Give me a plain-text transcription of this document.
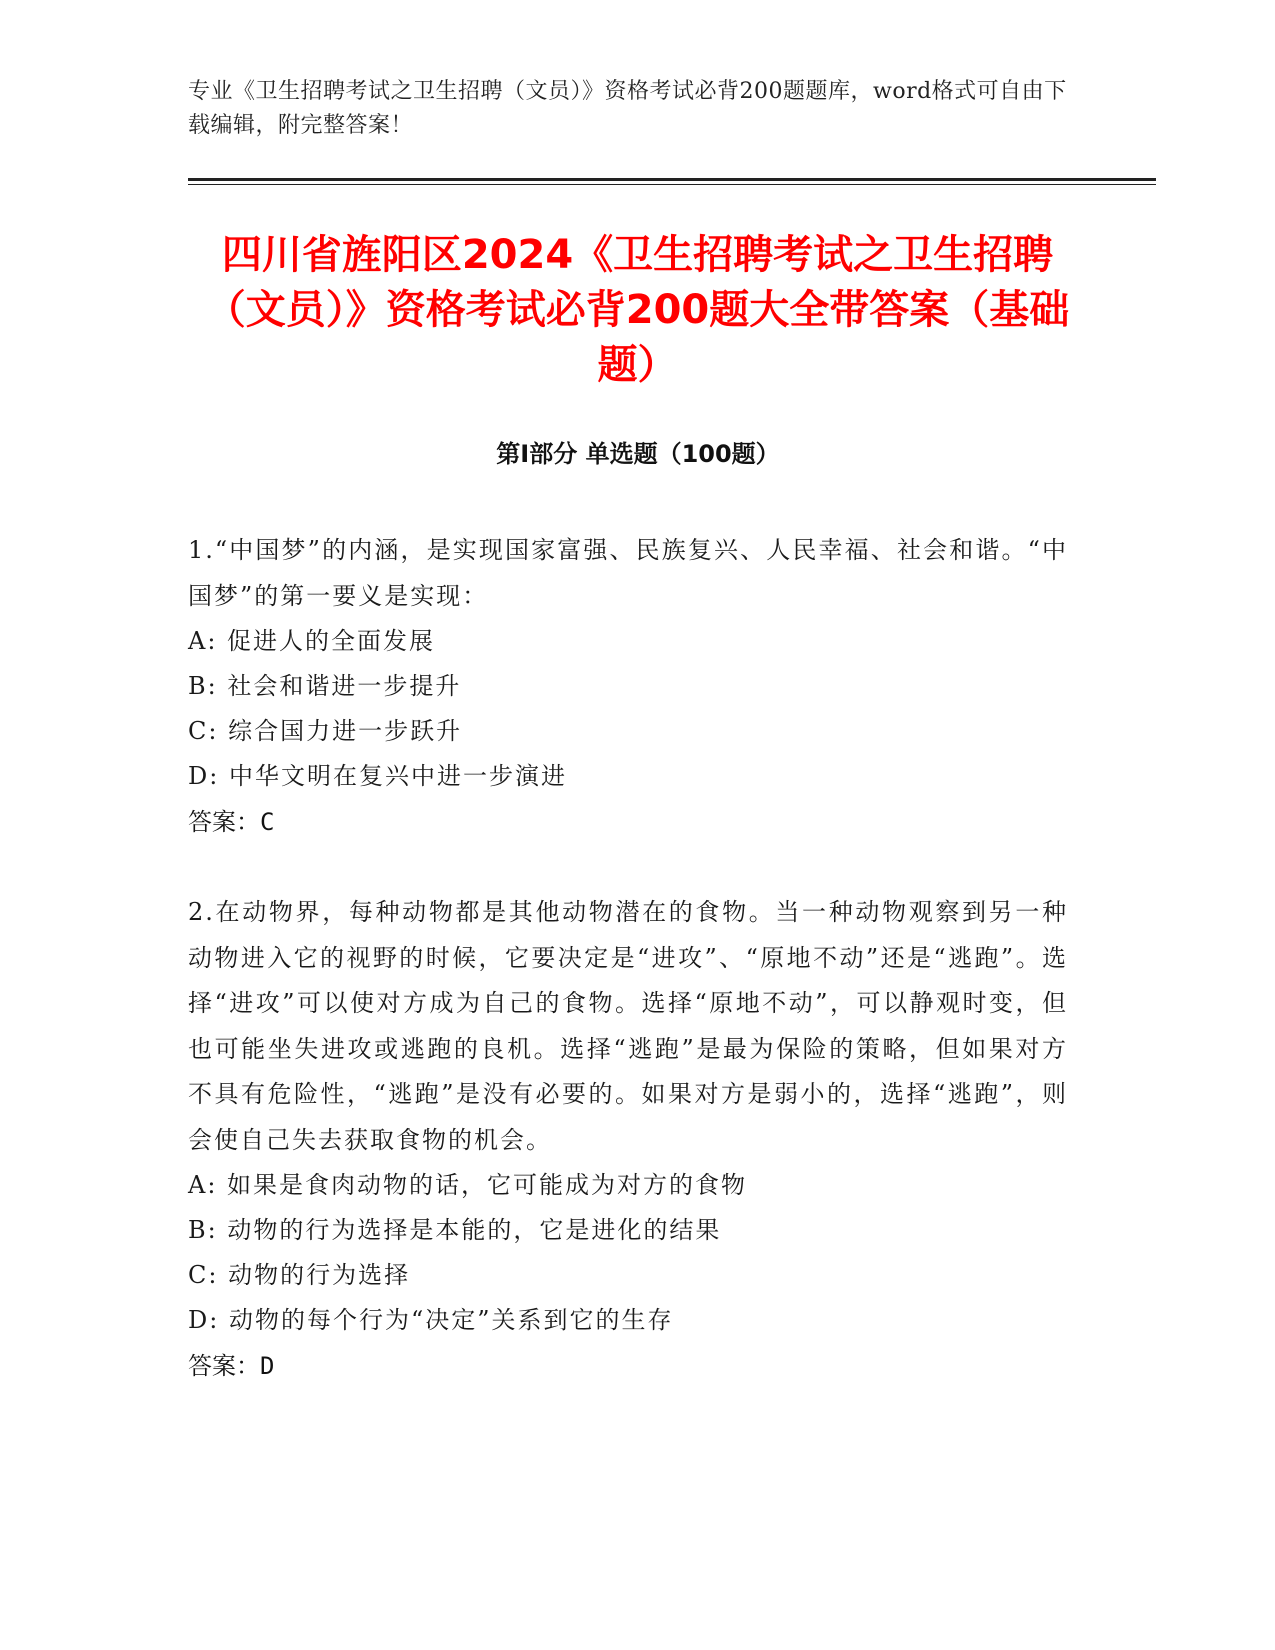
专业《卫生招聘考试之卫生招聘（文员）》资格考试必背200题题库，word格式可自由下载编辑，附完整答案！
四川省旌阳区2024《卫生招聘考试之卫生招聘（文员）》资格考试必背200题大全带答案（基础题）
第Ⅰ部分 单选题（100题）
1.“中国梦”的内涵，是实现国家富强、民族复兴、人民幸福、社会和谐。“中国梦”的第一要义是实现：
A: 促进人的全面发展
B: 社会和谐进一步提升
C: 综合国力进一步跃升
D: 中华文明在复兴中进一步演进
答案：C
2.在动物界，每种动物都是其他动物潜在的食物。当一种动物观察到另一种动物进入它的视野的时候，它要决定是“进攻”、“原地不动”还是“逃跑”。选择“进攻”可以使对方成为自己的食物。选择“原地不动”，可以静观时变，但也可能坐失进攻或逃跑的良机。选择“逃跑”是最为保险的策略，但如果对方不具有危险性，“逃跑”是没有必要的。如果对方是弱小的，选择“逃跑”，则会使自己失去获取食物的机会。
A: 如果是食肉动物的话，它可能成为对方的食物
B: 动物的行为选择是本能的，它是进化的结果
C: 动物的行为选择
D: 动物的每个行为“决定”关系到它的生存
答案：D
